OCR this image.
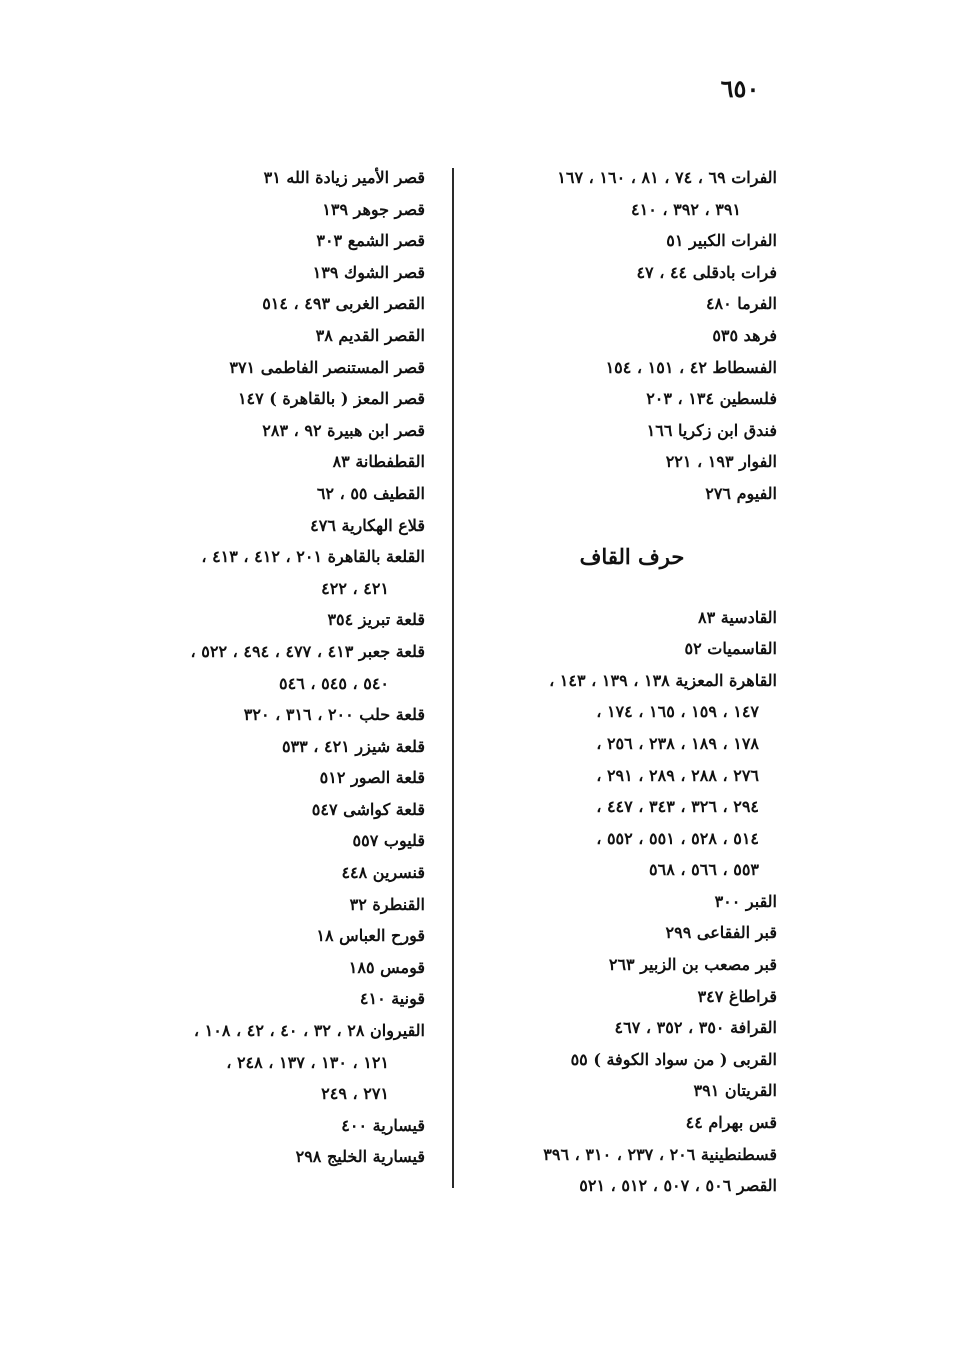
٦٥٠
الفرات ٦٩ ، ٧٤ ، ٨١ ، ١٦٠ ، ١٦٧
٣٩١ ، ٣٩٢ ، ٤١٠
الفرات الكبير ٥١
فرات بادقلى ٤٤ ، ٤٧
الفرما ٤٨٠
فرهد ٥٣٥
الفسطاط ٤٢ ، ١٥١ ، ١٥٤
فلسطين ١٣٤ ، ٢٠٣
فندق ابن زكريا ١٦٦
الفوار ١٩٣ ، ٢٢١
الفيوم ٢٧٦
حرف القاف
القادسية ٨٣
القاسميات ٥٢
القاهرة المعزية ١٣٨ ، ١٣٩ ، ١٤٣ ،
١٤٧ ، ١٥٩ ، ١٦٥ ، ١٧٤ ،
١٧٨ ، ١٨٩ ، ٢٣٨ ، ٢٥٦ ،
٢٧٦ ، ٢٨٨ ، ٢٨٩ ، ٢٩١ ،
٢٩٤ ، ٣٢٦ ، ٣٤٣ ، ٤٤٧ ،
٥١٤ ، ٥٢٨ ، ٥٥١ ، ٥٥٢ ،
٥٥٣ ، ٥٦٦ ، ٥٦٨
القبر ٣٠٠
قبر الفقاعى ٢٩٩
قبر مصعب بن الزبير ٢٦٣
قراطاغ ٣٤٧
القرافة ٣٥٠ ، ٣٥٢ ، ٤٦٧
القربى ( من سواد الكوفة ) ٥٥
القريتان ٣٩١
قس بهرام ٤٤
قسطنطينية ٢٠٦ ، ٢٣٧ ، ٣١٠ ، ٣٩٦
القصر ٥٠٦ ، ٥٠٧ ، ٥١٢ ، ٥٢١
قصر الأمير زيادة الله ٣١
قصر جوهر ١٣٩
قصر الشمع ٣٠٣
قصر الشوك ١٣٩
القصر الغربى ٤٩٣ ، ٥١٤
القصر القديم ٣٨
قصر المستنصر الفاطمى ٣٧١
قصر المعز ( بالقاهرة ) ١٤٧
قصر ابن هبيرة ٩٢ ، ٢٨٣
القطفطانة ٨٣
القطيف ٥٥ ، ٦٢
قلاع الهكارية ٤٧٦
القلعة بالقاهرة ٢٠١ ، ٤١٢ ، ٤١٣ ،
٤٢١ ، ٤٢٢
قلعة تبريز ٣٥٤
قلعة جعبر ٤١٣ ، ٤٧٧ ، ٤٩٤ ، ٥٢٢ ،
٥٤٠ ، ٥٤٥ ، ٥٤٦
قلعة حلب ٢٠٠ ، ٣١٦ ، ٣٢٠
قلعة شيزر ٤٢١ ، ٥٣٣
قلعة الصور ٥١٢
قلعة كواشى ٥٤٧
قليوب ٥٥٧
قنسرين ٤٤٨
القنطرة ٣٢
قورح العباس ١٨
قومس ١٨٥
قونية ٤١٠
القيروان ٢٨ ، ٣٢ ، ٤٠ ، ٤٢ ، ١٠٨ ،
١٢١ ، ١٣٠ ، ١٣٧ ، ٢٤٨ ،
٢٧١ ، ٢٤٩
قيسارية ٤٠٠
قيسارية الخليج ٢٩٨
